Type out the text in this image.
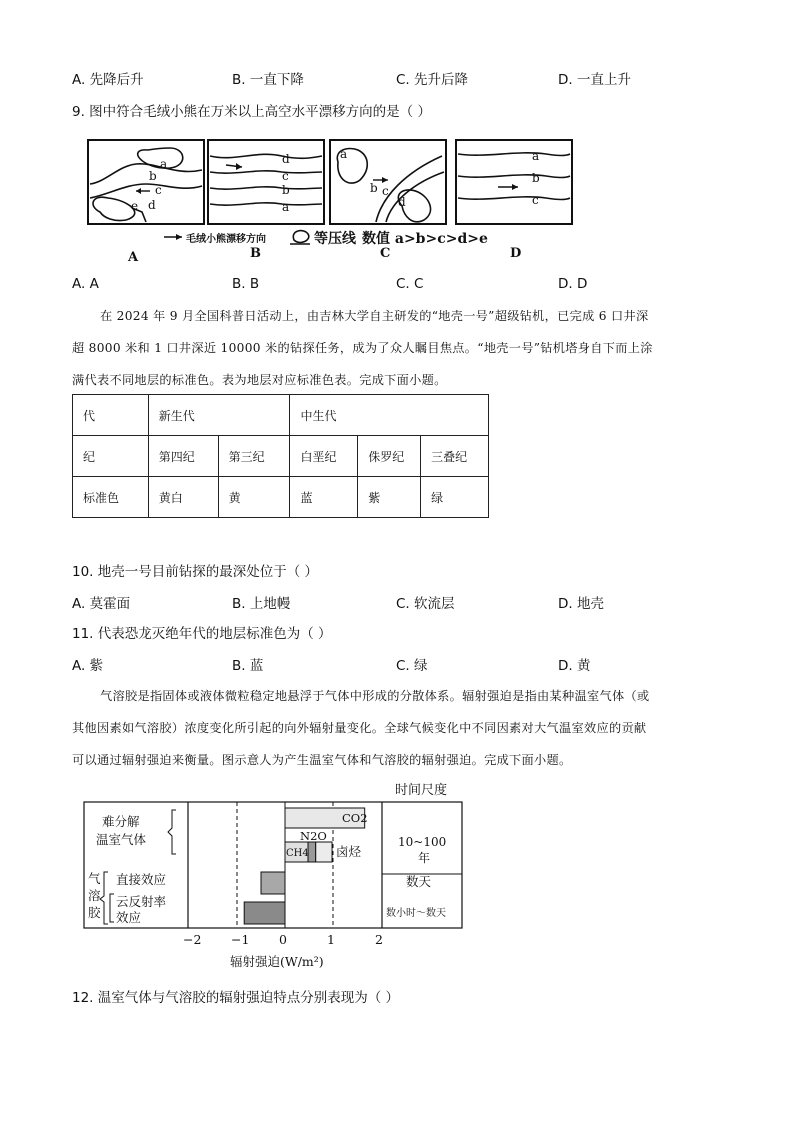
A. 先降后升	B. 一直下降	C. 先升后降	D. 一直上升
9. 图中符合毛绒小熊在万米以上高空水平漂移方向的是（ ）
a
b
c
d
e
d
c
b
a
a
b c
d
a
b
c
毛绒小熊漂移方向	等压线 数值 a>b>c>d>e
A	B	C	D
A. A	B. B	C. C	D. D
在 2024 年 9 月全国科普日活动上，由吉林大学自主研发的“地壳一号”超级钻机，已完成 6 口井深
超 8000 米和 1 口井深近 10000 米的钻探任务，成为了众人瞩目焦点。“地壳一号”钻机塔身自下而上涂
满代表不同地层的标准色。表为地层对应标准色表。完成下面小题。
代	新生代		中生代		
纪	第四纪	第三纪	白垩纪	侏罗纪	三叠纪
标准色	黄白	黄	蓝	紫	绿
10. 地壳一号目前钻探的最深处位于（ ）
A. 莫霍面	B. 上地幔	C. 软流层	D. 地壳
11. 代表恐龙灭绝年代的地层标准色为（ ）
A. 紫	B. 蓝	C. 绿	D. 黄
气溶胶是指固体或液体微粒稳定地悬浮于气体中形成的分散体系。辐射强迫是指由某种温室气体（或
其他因素如气溶胶）浓度变化所引起的向外辐射量变化。全球气候变化中不同因素对大气温室效应的贡献
可以通过辐射强迫来衡量。图示意人为产生温室气体和气溶胶的辐射强迫。完成下面小题。
时间尺度
难分解
温室气体
气
溶
胶
直接效应
云反射率
效应
CO2
N2O
CH4 卤烃
10~100
年
数天
数小时～数天
−2 −1 0	1	2
辐射强迫(W/m²)
12. 温室气体与气溶胶的辐射强迫特点分别表现为（ ）
